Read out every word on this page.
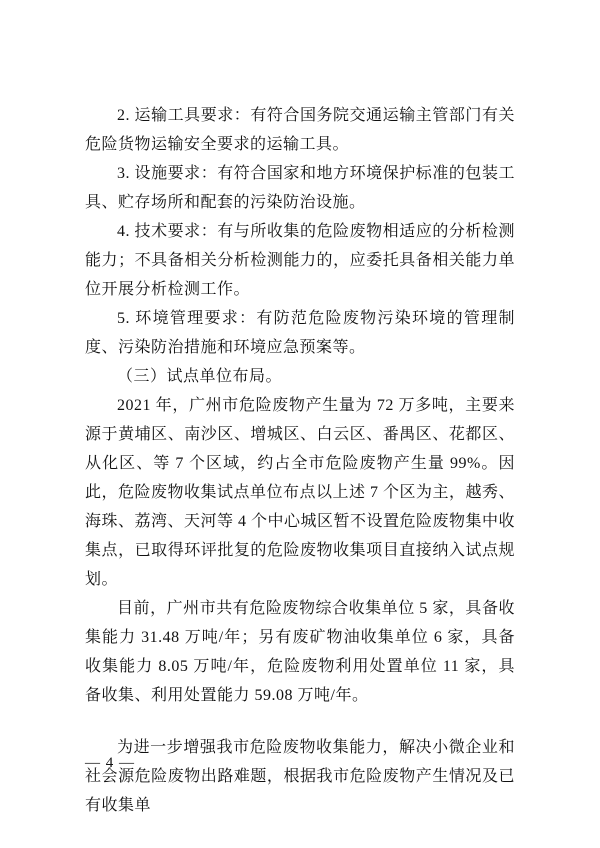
2. 运输工具要求：有符合国务院交通运输主管部门有关危险货物运输安全要求的运输工具。

3. 设施要求：有符合国家和地方环境保护标准的包装工具、贮存场所和配套的污染防治设施。

4. 技术要求：有与所收集的危险废物相适应的分析检测能力；不具备相关分析检测能力的，应委托具备相关能力单位开展分析检测工作。

5. 环境管理要求：有防范危险废物污染环境的管理制度、污染防治措施和环境应急预案等。

（三）试点单位布局。

2021 年，广州市危险废物产生量为 72 万多吨，主要来源于黄埔区、南沙区、增城区、白云区、番禺区、花都区、从化区、等 7 个区域，约占全市危险废物产生量 99%。因此，危险废物收集试点单位布点以上述 7 个区为主，越秀、海珠、荔湾、天河等 4 个中心城区暂不设置危险废物集中收集点，已取得环评批复的危险废物收集项目直接纳入试点规划。

目前，广州市共有危险废物综合收集单位 5 家，具备收集能力 31.48 万吨/年；另有废矿物油收集单位 6 家，具备收集能力 8.05 万吨/年，危险废物利用处置单位 11 家，具备收集、利用处置能力 59.08 万吨/年。

为进一步增强我市危险废物收集能力，解决小微企业和社会源危险废物出路难题，根据我市危险废物产生情况及已有收集单

— 4 —
